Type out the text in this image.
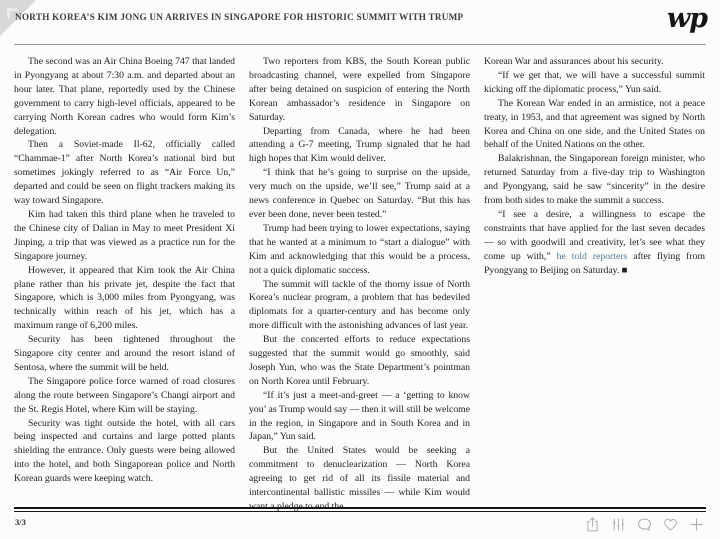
NORTH KOREA’S KIM JONG UN ARRIVES IN SINGAPORE FOR HISTORIC SUMMIT WITH TRUMP	wp

The second was an Air China Boeing 747 that landed in Pyongyang at about 7:30 a.m. and departed about an hour later. That plane, reportedly used by the Chinese government to carry high-level officials, appeared to be carrying North Korean cadres who would form Kim’s delegation.

Then a Soviet-made Il-62, officially called “Chammae-1” after North Korea’s national bird but sometimes jokingly referred to as “Air Force Un,” departed and could be seen on flight trackers making its way toward Singapore.

Kim had taken this third plane when he traveled to the Chinese city of Dalian in May to meet President Xi Jinping, a trip that was viewed as a practice run for the Singapore journey.

However, it appeared that Kim took the Air China plane rather than his private jet, despite the fact that Singapore, which is 3,000 miles from Pyongyang, was technically within reach of his jet, which has a maximum range of 6,200 miles.

Security has been tightened throughout the Singapore city center and around the resort island of Sentosa, where the summit will be held.

The Singapore police force warned of road closures along the route between Singapore’s Changi airport and the St. Regis Hotel, where Kim will be staying.

Security was tight outside the hotel, with all cars being inspected and curtains and large potted plants shielding the entrance. Only guests were being allowed into the hotel, and both Singaporean police and North Korean guards were keeping watch.

Two reporters from KBS, the South Korean public broadcasting channel, were expelled from Singapore after being detained on suspicion of entering the North Korean ambassador’s residence in Singapore on Saturday.

Departing from Canada, where he had been attending a G-7 meeting, Trump signaled that he had high hopes that Kim would deliver.

“I think that he’s going to surprise on the upside, very much on the upside, we’ll see,” Trump said at a news conference in Quebec on Saturday. “But this has ever been done, never been tested.”

Trump had been trying to lower expectations, saying that he wanted at a minimum to “start a dialogue” with Kim and acknowledging that this would be a process, not a quick diplomatic success.

The summit will tackle of the thorny issue of North Korea’s nuclear program, a problem that has bedeviled diplomats for a quarter-century and has become only more difficult with the astonishing advances of last year.

But the concerted efforts to reduce expectations suggested that the summit would go smoothly, said Joseph Yun, who was the State Department’s pointman on North Korea until February.

“If it’s just a meet-and-greet — a ‘getting to know you’ as Trump would say — then it will still be welcome in the region, in Singapore and in South Korea and in Japan,” Yun said.

But the United States would be seeking a commitment to denuclearization — North Korea agreeing to get rid of all its fissile material and intercontinental ballistic missiles — while Kim would want a pledge to end the

Korean War and assurances about his security.

“If we get that, we will have a successful summit kicking off the diplomatic process,” Yun said.

The Korean War ended in an armistice, not a peace treaty, in 1953, and that agreement was signed by North Korea and China on one side, and the United States on behalf of the United Nations on the other.

Balakrishnan, the Singaporean foreign minister, who returned Saturday from a five-day trip to Washington and Pyongyang, said he saw “sincerity” in the desire from both sides to make the summit a success.

“I see a desire, a willingness to escape the constraints that have applied for the last seven decades — so with goodwill and creativity, let’s see what they come up with,” he told reporters after flying from Pyongyang to Beijing on Saturday. ■

3/3
